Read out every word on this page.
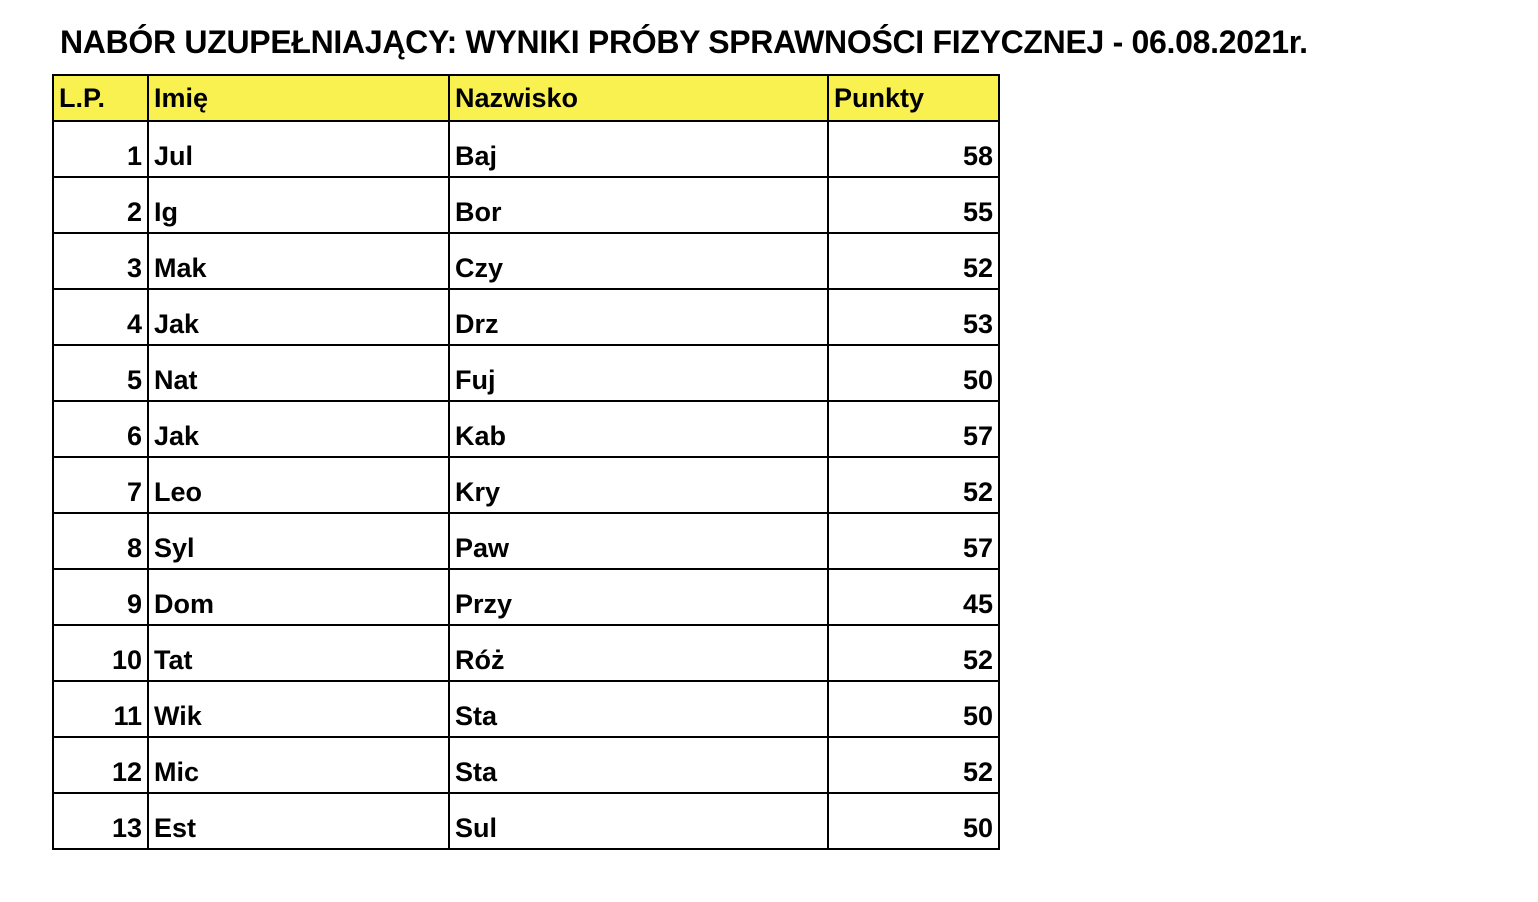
NABÓR UZUPEŁNIAJĄCY: WYNIKI PRÓBY SPRAWNOŚCI FIZYCZNEJ - 06.08.2021r.
L.P.	Imię	Nazwisko	Punkty
1	Jul	Baj	58
2	Ig	Bor	55
3	Mak	Czy	52
4	Jak	Drz	53
5	Nat	Fuj	50
6	Jak	Kab	57
7	Leo	Kry	52
8	Syl	Paw	57
9	Dom	Przy	45
10	Tat	Róż	52
11	Wik	Sta	50
12	Mic	Sta	52
13	Est	Sul	50
